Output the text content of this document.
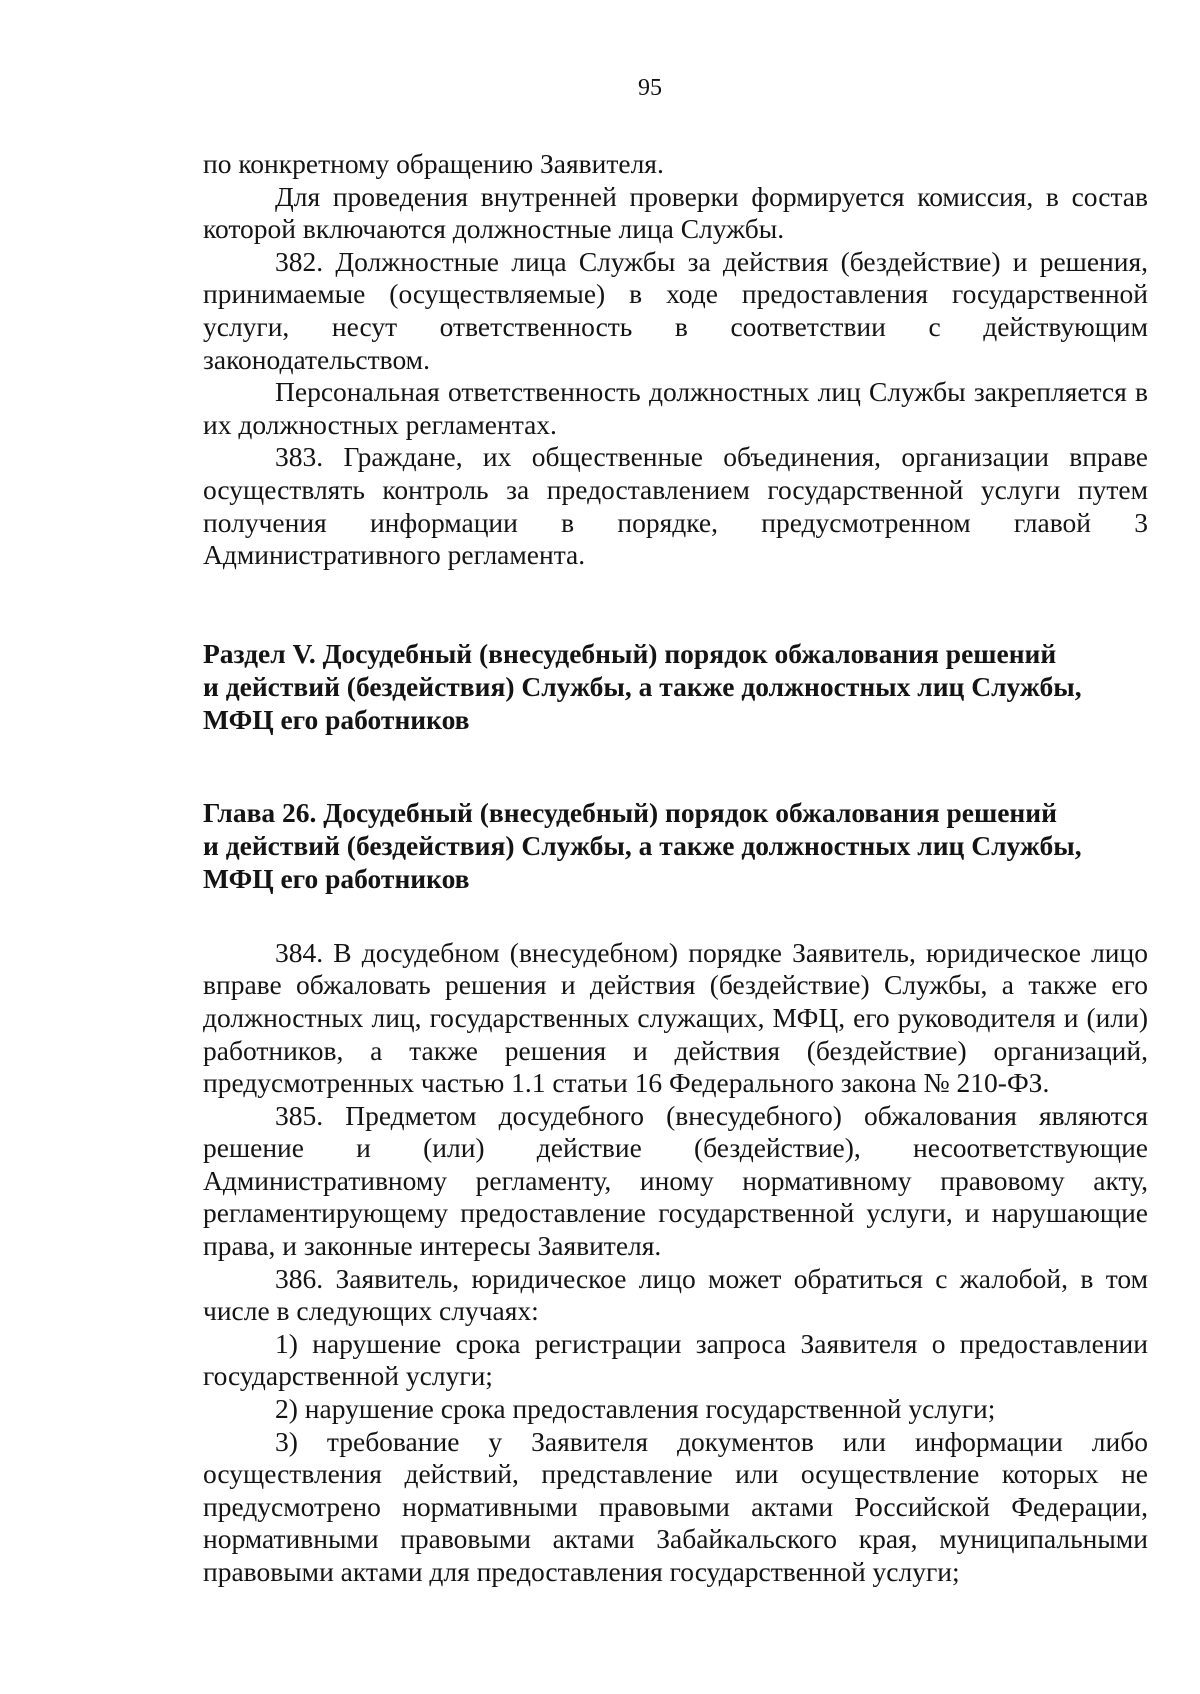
95

по конкретному обращению Заявителя.

Для проведения внутренней проверки формируется комиссия, в состав которой включаются должностные лица Службы.

382. Должностные лица Службы за действия (бездействие) и решения, принимаемые (осуществляемые) в ходе предоставления государственной услуги, несут ответственность в соответствии с действующим законодательством.

Персональная ответственность должностных лиц Службы закрепляется в их должностных регламентах.

383. Граждане, их общественные объединения, организации вправе осуществлять контроль за предоставлением государственной услуги путем получения информации в порядке, предусмотренном главой 3 Административного регламента.

Раздел V. Досудебный (внесудебный) порядок обжалования решений

и действий (бездействия) Службы, а также должностных лиц Службы,

МФЦ его работников

Глава 26. Досудебный (внесудебный) порядок обжалования решений

и действий (бездействия) Службы, а также должностных лиц Службы,

МФЦ его работников

384. В досудебном (внесудебном) порядке Заявитель, юридическое лицо вправе обжаловать решения и действия (бездействие) Службы, а также его должностных лиц, государственных служащих, МФЦ, его руководителя и (или) работников, а также решения и действия (бездействие) организаций, предусмотренных частью 1.1 статьи 16 Федерального закона № 210-ФЗ.

385. Предметом досудебного (внесудебного) обжалования являются решение и (или) действие (бездействие), несоответствующие Административному регламенту, иному нормативному правовому акту, регламентирующему предоставление государственной услуги, и нарушающие права, и законные интересы Заявителя.

386. Заявитель, юридическое лицо может обратиться с жалобой, в том числе в следующих случаях:

1) нарушение срока регистрации запроса Заявителя о предоставлении государственной услуги;

2) нарушение срока предоставления государственной услуги;

3) требование у Заявителя документов или информации либо осуществления действий, представление или осуществление которых не предусмотрено нормативными правовыми актами Российской Федерации, нормативными правовыми актами Забайкальского края, муниципальными правовыми актами для предоставления государственной услуги;
